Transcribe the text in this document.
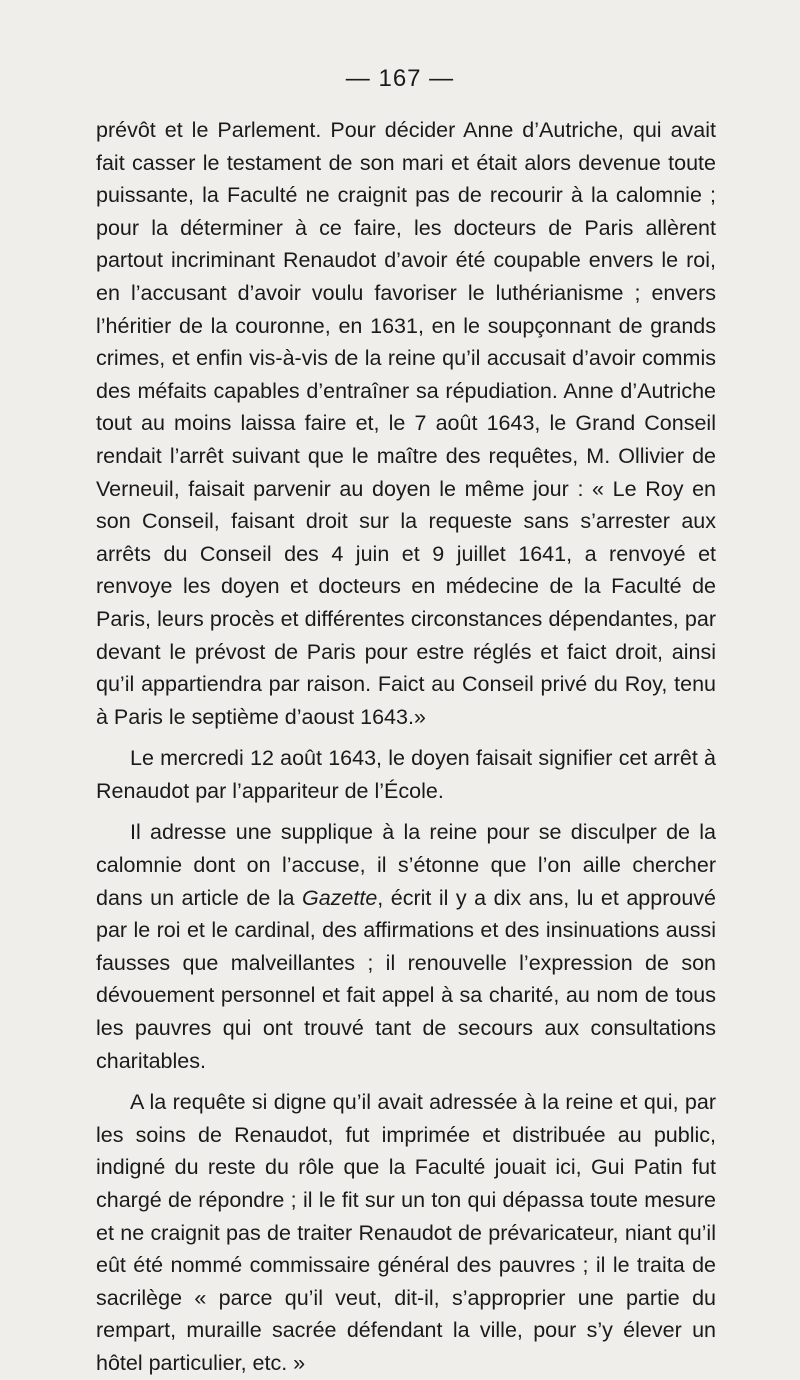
— 167 —

prévôt et le Parlement. Pour décider Anne d’Autriche, qui avait fait casser le testament de son mari et était alors devenue toute puissante, la Faculté ne craignit pas de recourir à la calomnie ; pour la déterminer à ce faire, les docteurs de Paris allèrent partout incriminant Renaudot d’avoir été coupable envers le roi, en l’accusant d’avoir voulu favoriser le luthérianisme ; envers l’héritier de la couronne, en 1631, en le soupçonnant de grands crimes, et enfin vis-à-vis de la reine qu’il accusait d’avoir commis des méfaits capables d’entraîner sa répudiation. Anne d’Autriche tout au moins laissa faire et, le 7 août 1643, le Grand Conseil rendait l’arrêt suivant que le maître des requêtes, M. Ollivier de Verneuil, faisait parvenir au doyen le même jour : « Le Roy en son Conseil, faisant droit sur la requeste sans s’arrester aux arrêts du Conseil des 4 juin et 9 juillet 1641, a renvoyé et renvoye les doyen et docteurs en médecine de la Faculté de Paris, leurs procès et différentes circonstances dépendantes, par devant le prévost de Paris pour estre réglés et faict droit, ainsi qu’il appartiendra par raison. Faict au Conseil privé du Roy, tenu à Paris le septième d’aoust 1643.»

Le mercredi 12 août 1643, le doyen faisait signifier cet arrêt à Renaudot par l’appariteur de l’École.

Il adresse une supplique à la reine pour se disculper de la calomnie dont on l’accuse, il s’étonne que l’on aille chercher dans un article de la Gazette, écrit il y a dix ans, lu et approuvé par le roi et le cardinal, des affirmations et des insinuations aussi fausses que malveillantes ; il renouvelle l’expression de son dévouement personnel et fait appel à sa charité, au nom de tous les pauvres qui ont trouvé tant de secours aux consultations charitables.

A la requête si digne qu’il avait adressée à la reine et qui, par les soins de Renaudot, fut imprimée et distribuée au public, indigné du reste du rôle que la Faculté jouait ici, Gui Patin fut chargé de répondre ; il le fit sur un ton qui dépassa toute mesure et ne craignit pas de traiter Renaudot de prévaricateur, niant qu’il eût été nommé commissaire général des pauvres ; il le traita de sacrilège « parce qu’il veut, dit-il, s’approprier une partie du rempart, muraille sacrée défendant la ville, pour s’y élever un hôtel particulier, etc. »
